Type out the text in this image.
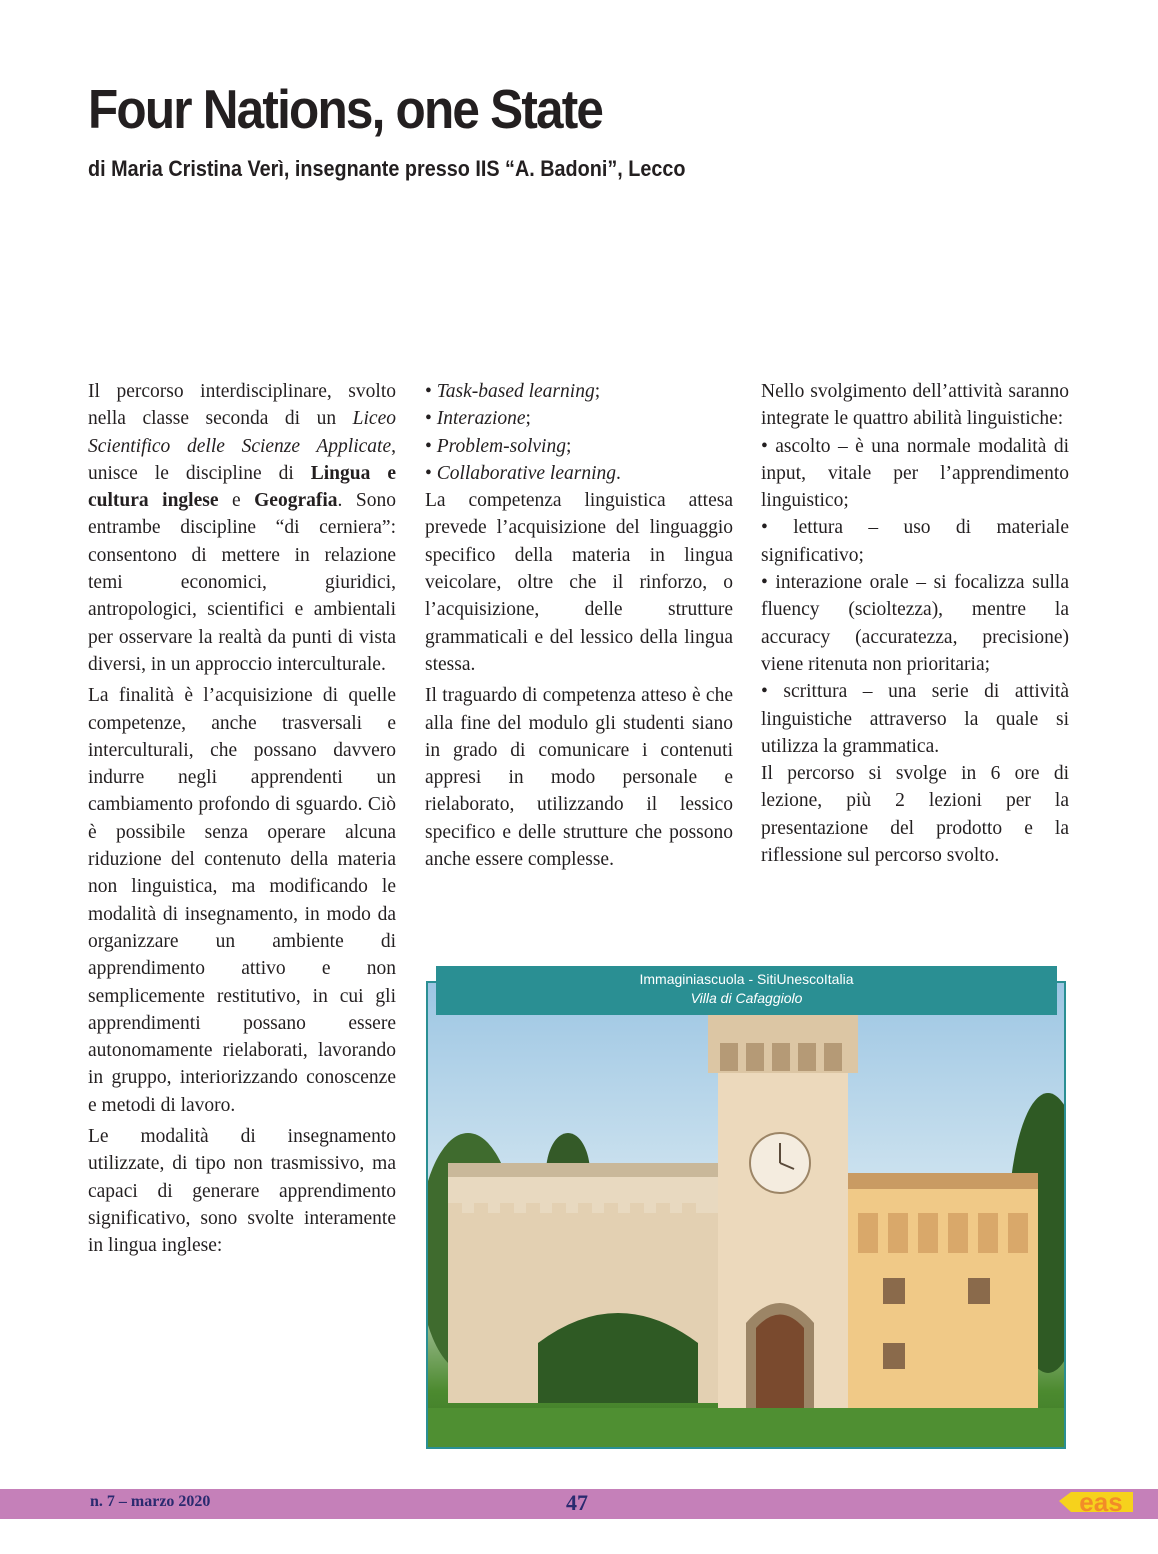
Four Nations, one State

di Maria Cristina Verì, insegnante presso IIS “A. Badoni”, Lecco

Il percorso interdisciplinare, svolto nella classe seconda di un Liceo Scientifico delle Scienze Applicate, unisce le discipline di Lingua e cultura inglese e Geografia. Sono entrambe discipline “di cerniera”: consentono di mettere in relazione temi economici, giuridici, antropologici, scientifici e ambientali per osservare la realtà da punti di vista diversi, in un approccio interculturale.

La finalità è l’acquisizione di quelle competenze, anche trasversali e interculturali, che possano davvero indurre negli apprendenti un cambiamento profondo di sguardo. Ciò è possibile senza operare alcuna riduzione del contenuto della materia non linguistica, ma modificando le modalità di insegnamento, in modo da organizzare un ambiente di apprendimento attivo e non semplicemente restitutivo, in cui gli apprendimenti possano essere autonomamente rielaborati, lavorando in gruppo, interiorizzando conoscenze e metodi di lavoro.

Le modalità di insegnamento utilizzate, di tipo non trasmissivo, ma capaci di generare apprendimento significativo, sono svolte interamente in lingua inglese:

• Task-based learning;
• Interazione;
• Problem-solving;
• Collaborative learning.

La competenza linguistica attesa prevede l’acquisizione del linguaggio specifico della materia in lingua veicolare, oltre che il rinforzo, o l’acquisizione, delle strutture grammaticali e del lessico della lingua stessa.

Il traguardo di competenza atteso è che alla fine del modulo gli studenti siano in grado di comunicare i contenuti appresi in modo personale e rielaborato, utilizzando il lessico specifico e delle strutture che possono anche essere complesse.

Nello svolgimento dell’attività saranno integrate le quattro abilità linguistiche:

• ascolto – è una normale modalità di input, vitale per l’apprendimento linguistico;

• lettura – uso di materiale significativo;

• interazione orale – si focalizza sulla fluency (scioltezza), mentre la accuracy (accuratezza, precisione) viene ritenuta non prioritaria;

• scrittura – una serie di attività linguistiche attraverso la quale si utilizza la grammatica.

Il percorso si svolge in 6 ore di lezione, più 2 lezioni per la presentazione del prodotto e la riflessione sul percorso svolto.

Immaginiascuola - SitiUnescoItalia
Villa di Cafaggiolo
n. 7 – marzo 2020	47	eas
